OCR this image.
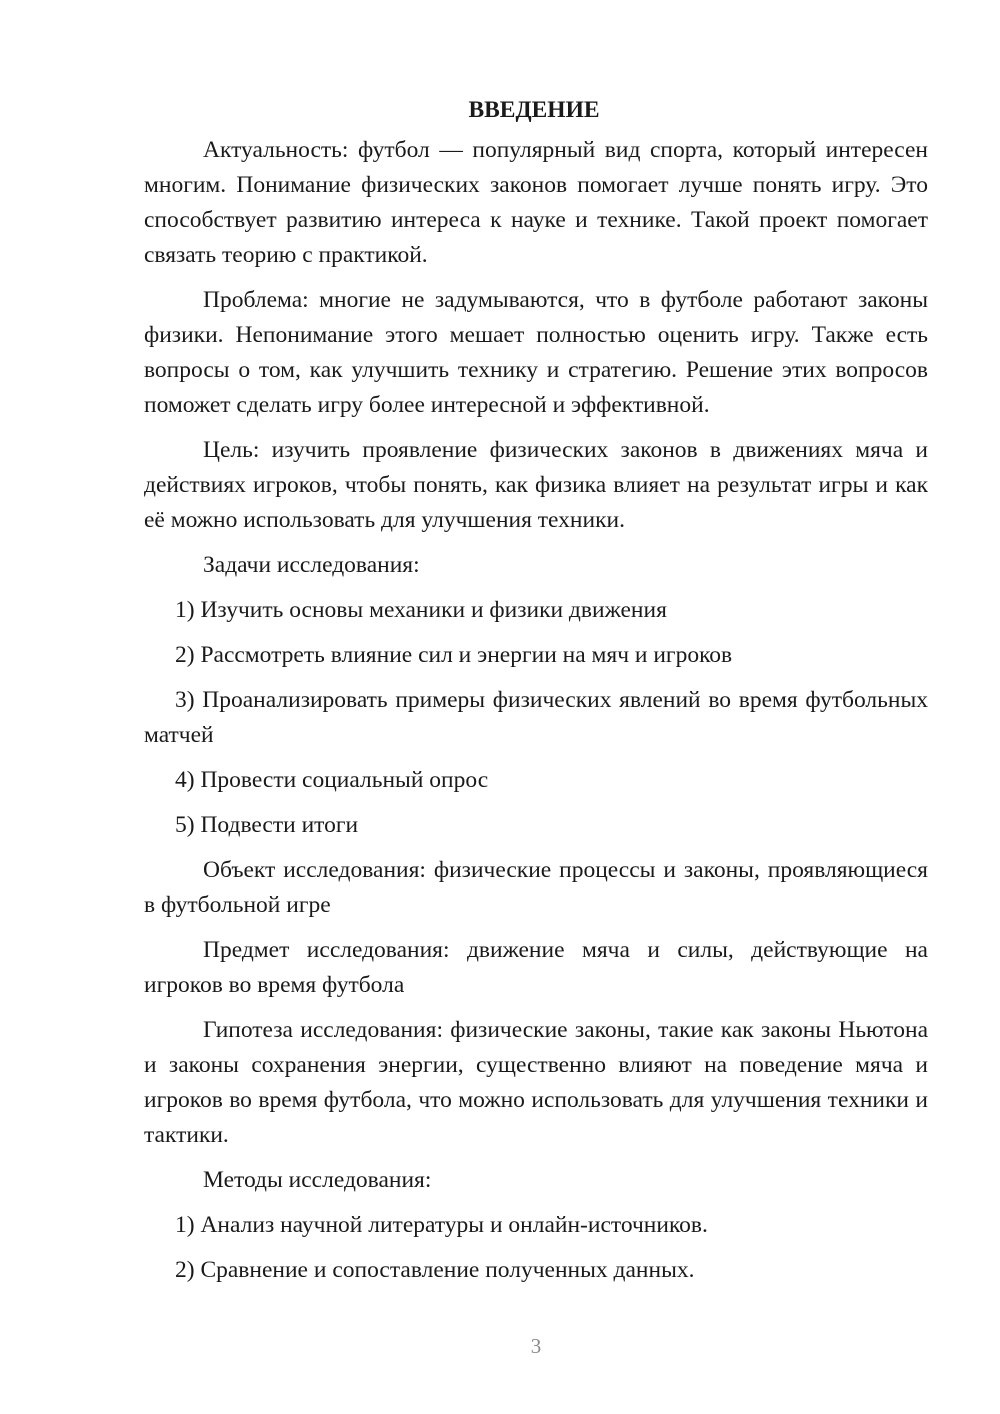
ВВЕДЕНИЕ

Актуальность: футбол — популярный вид спорта, который интересен многим. Понимание физических законов помогает лучше понять игру. Это способствует развитию интереса к науке и технике. Такой проект помогает связать теорию с практикой.

Проблема: многие не задумываются, что в футболе работают законы физики. Непонимание этого мешает полностью оценить игру. Также есть вопросы о том, как улучшить технику и стратегию. Решение этих вопросов поможет сделать игру более интересной и эффективной.

Цель: изучить проявление физических законов в движениях мяча и действиях игроков, чтобы понять, как физика влияет на результат игры и как её можно использовать для улучшения техники.

Задачи исследования:

1) Изучить основы механики и физики движения

2) Рассмотреть влияние сил и энергии на мяч и игроков

3) Проанализировать примеры физических явлений во время футбольных матчей

4) Провести социальный опрос

5) Подвести итоги

Объект исследования: физические процессы и законы, проявляющиеся в футбольной игре

Предмет исследования: движение мяча и силы, действующие на игроков во время футбола

Гипотеза исследования: физические законы, такие как законы Ньютона и законы сохранения энергии, существенно влияют на поведение мяча и игроков во время футбола, что можно использовать для улучшения техники и тактики.

Методы исследования:

1) Анализ научной литературы и онлайн-источников.

2) Сравнение и сопоставление полученных данных.

3
